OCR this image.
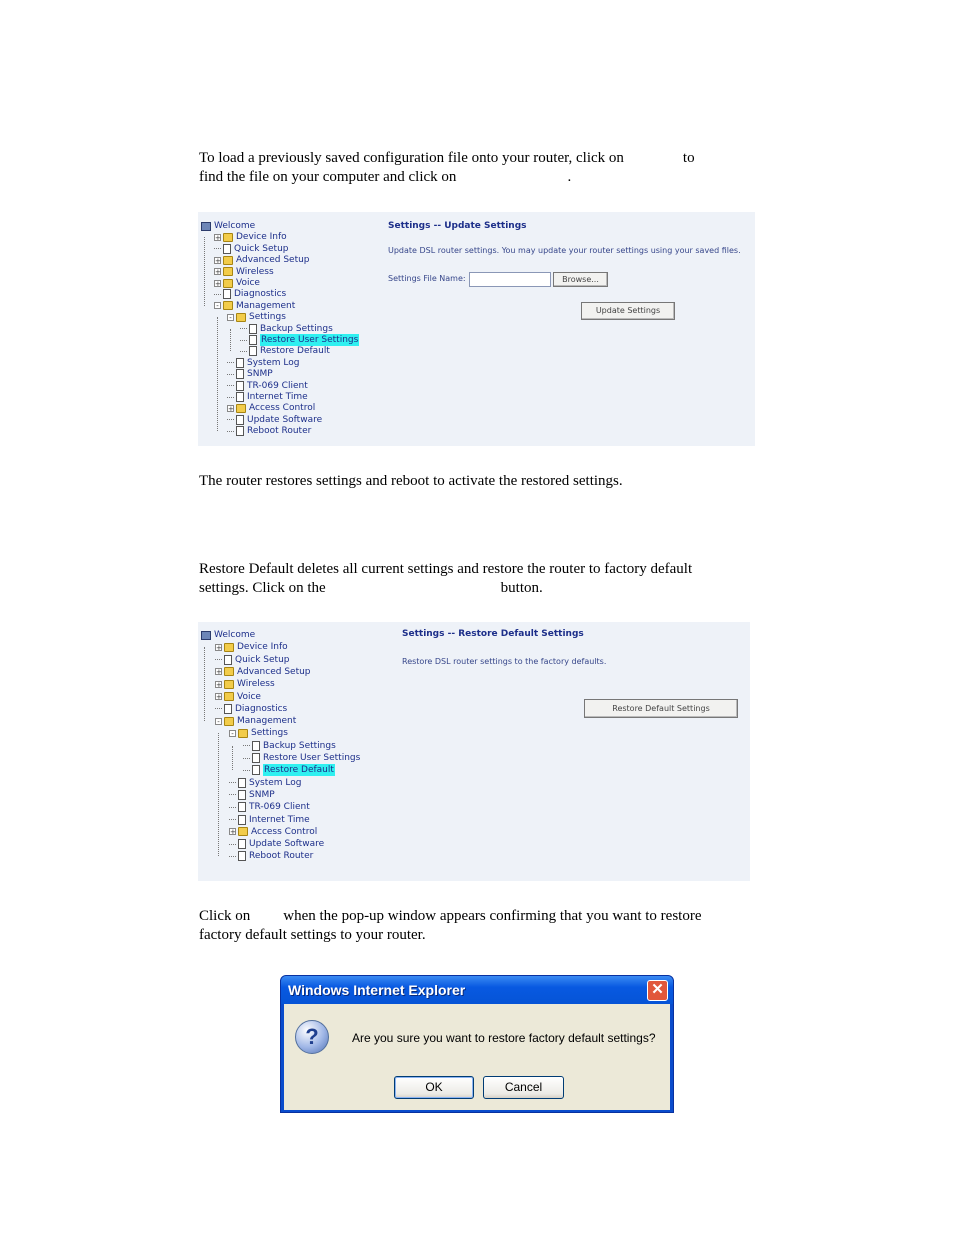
To load a previously saved configuration file onto your router, click on	to
find the file on your computer and click on	.

Welcome
+ Device Info
Quick Setup
+ Advanced Setup
+ Wireless
+ Voice
Diagnostics
- Management
- Settings
Backup Settings
Restore User Settings
Restore Default
System Log
SNMP
TR-069 Client
Internet Time
+ Access Control
Update Software
Reboot Router
Settings -- Update Settings
Update DSL router settings. You may update your router settings using your saved files.
Settings File Name:	Browse...
Update Settings

The router restores settings and reboot to activate the restored settings.

Restore Default deletes all current settings and restore the router to factory default
settings. Click on the	button.

Welcome
+ Device Info
Quick Setup
+ Advanced Setup
+ Wireless
+ Voice
Diagnostics
- Management
- Settings
Backup Settings
Restore User Settings
Restore Default
System Log
SNMP
TR-069 Client
Internet Time
+ Access Control
Update Software
Reboot Router
Settings -- Restore Default Settings
Restore DSL router settings to the factory defaults.
Restore Default Settings

Click on when the pop-up window appears confirming that you want to restore
factory default settings to your router.

Windows Internet Explorer	✕
?	Are you sure you want to restore factory default settings?
OK	Cancel
